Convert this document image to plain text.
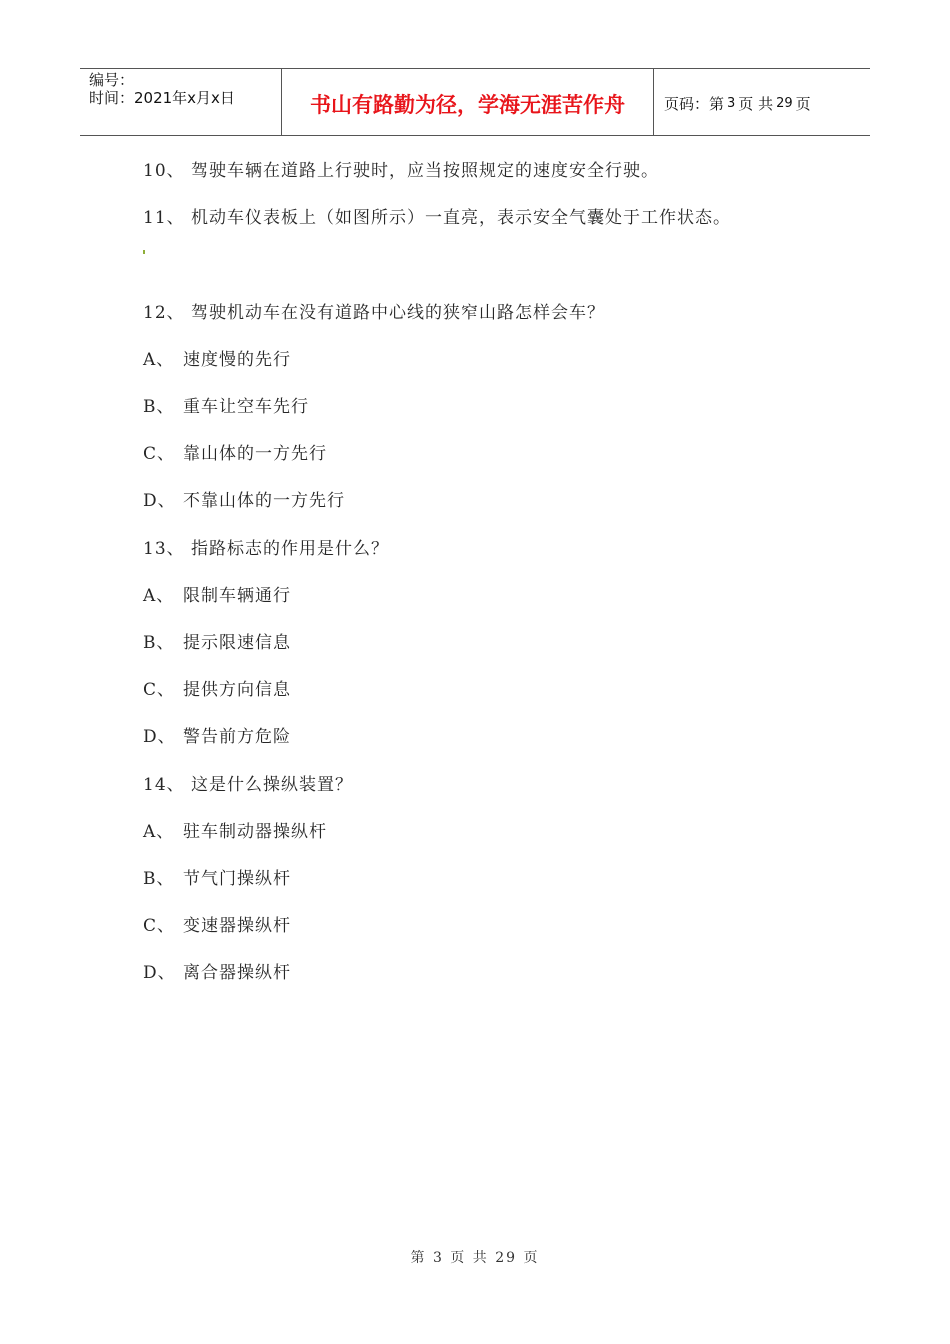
编号：
时间：2021年x月x日	书山有路勤为径，学海无涯苦作舟	页码：第 3 页 共 29 页
10、 驾驶车辆在道路上行驶时，应当按照规定的速度安全行驶。
11、 机动车仪表板上（如图所示）一直亮，表示安全气囊处于工作状态。
12、 驾驶机动车在没有道路中心线的狭窄山路怎样会车？
A、 速度慢的先行
B、 重车让空车先行
C、 靠山体的一方先行
D、 不靠山体的一方先行
13、 指路标志的作用是什么？
A、 限制车辆通行
B、 提示限速信息
C、 提供方向信息
D、 警告前方危险
14、 这是什么操纵装置？
A、 驻车制动器操纵杆
B、 节气门操纵杆
C、 变速器操纵杆
D、 离合器操纵杆
第 3 页 共 29 页
